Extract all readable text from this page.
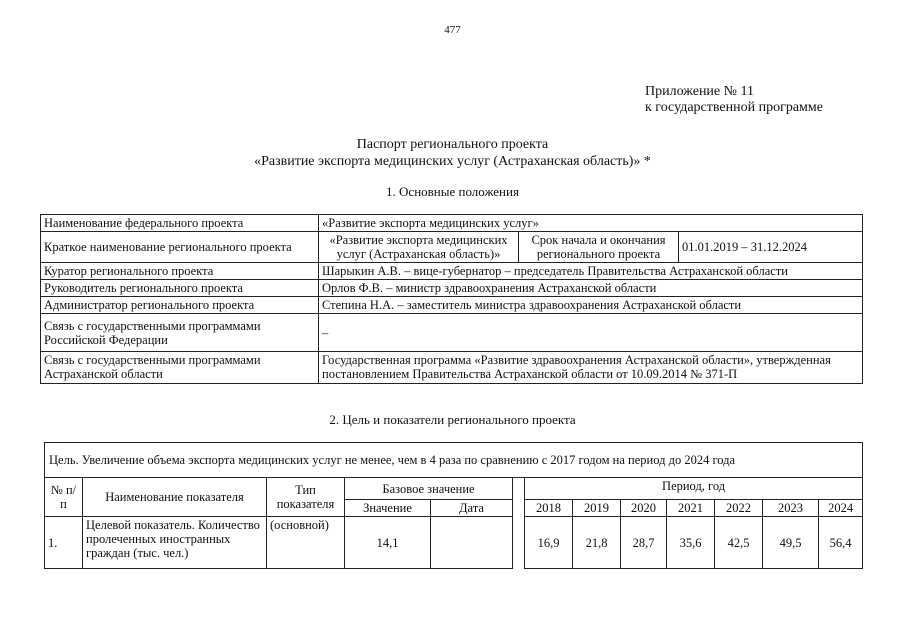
477
Приложение № 11
к государственной программе
Паспорт регионального проекта
«Развитие экспорта медицинских услуг (Астраханская область)» *
1. Основные положения
Наименование федерального проекта	«Развитие экспорта медицинских услуг»		
Краткое наименование регионального проекта	«Развитие экспорта медицинских услуг (Астраханская область)»	Срок начала и окончания регионального проекта	01.01.2019 – 31.12.2024
Куратор регионального проекта	Шарыкин А.В. – вице-губернатор – председатель Правительства Астраханской области		
Руководитель регионального проекта	Орлов Ф.В. – министр здравоохранения Астраханской области		
Администратор регионального проекта	Степина Н.А. – заместитель министра здравоохранения Астраханской области		
Связь с государственными программами Российской Федерации	–		
Связь с государственными программами Астраханской области	Государственная программа «Развитие здравоохранения Астраханской области», утвержденная постановлением Правительства Астраханской области от 10.09.2014 № 371-П		
2. Цель и показатели регионального проекта
Цель. Увеличение объема экспорта медицинских услуг не менее, чем в 4 раза по сравнению с 2017 годом на период до 2024 года												
№ п/п	Наименование показателя	Тип показателя	Базовое значение			Период, год						
			Значение	Дата		2018	2019	2020	2021	2022	2023	2024
1.	Целевой показатель. Количество пролеченных иностранных граждан (тыс. чел.)	(основной)	14,1			16,9	21,8	28,7	35,6	42,5	49,5	56,4
